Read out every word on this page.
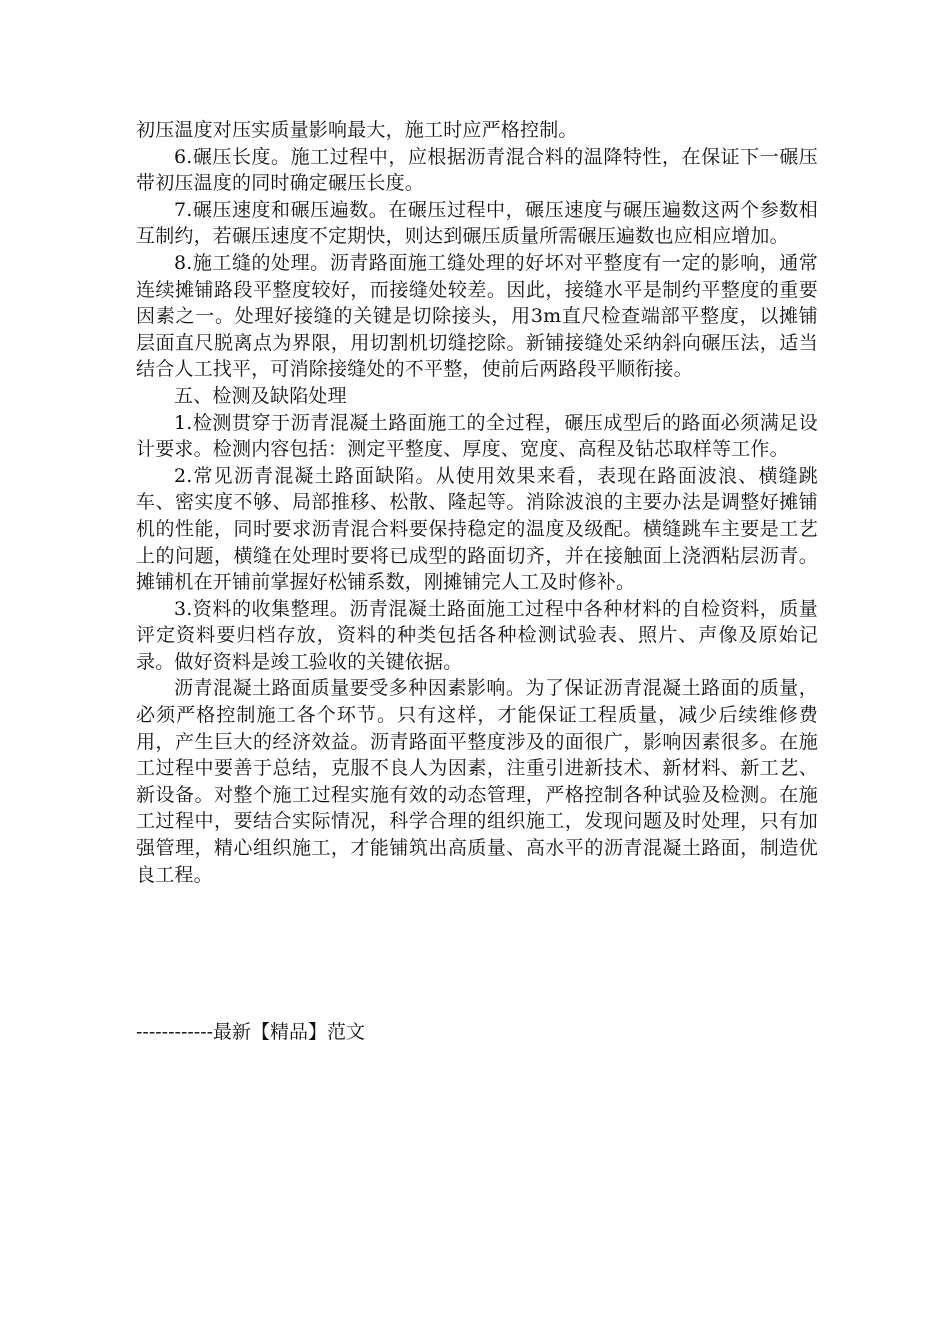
初压温度对压实质量影响最大，施工时应严格控制。

6.碾压长度。施工过程中，应根据沥青混合料的温降特性，在保证下一碾压带初压温度的同时确定碾压长度。

7.碾压速度和碾压遍数。在碾压过程中，碾压速度与碾压遍数这两个参数相互制约，若碾压速度不定期快，则达到碾压质量所需碾压遍数也应相应增加。

8.施工缝的处理。沥青路面施工缝处理的好坏对平整度有一定的影响，通常连续摊铺路段平整度较好，而接缝处较差。因此，接缝水平是制约平整度的重要因素之一。处理好接缝的关键是切除接头，用3m直尺检查端部平整度，以摊铺层面直尺脱离点为界限，用切割机切缝挖除。新铺接缝处采纳斜向碾压法，适当结合人工找平，可消除接缝处的不平整，使前后两路段平顺衔接。

五、检测及缺陷处理

1.检测贯穿于沥青混凝土路面施工的全过程，碾压成型后的路面必须满足设计要求。检测内容包括：测定平整度、厚度、宽度、高程及钻芯取样等工作。

2.常见沥青混凝土路面缺陷。从使用效果来看，表现在路面波浪、横缝跳车、密实度不够、局部推移、松散、隆起等。消除波浪的主要办法是调整好摊铺机的性能，同时要求沥青混合料要保持稳定的温度及级配。横缝跳车主要是工艺上的问题，横缝在处理时要将已成型的路面切齐，并在接触面上浇洒粘层沥青。摊铺机在开铺前掌握好松铺系数，刚摊铺完人工及时修补。

3.资料的收集整理。沥青混凝土路面施工过程中各种材料的自检资料，质量评定资料要归档存放，资料的种类包括各种检测试验表、照片、声像及原始记录。做好资料是竣工验收的关键依据。

沥青混凝土路面质量要受多种因素影响。为了保证沥青混凝土路面的质量，必须严格控制施工各个环节。只有这样，才能保证工程质量，减少后续维修费用，产生巨大的经济效益。沥青路面平整度涉及的面很广，影响因素很多。在施工过程中要善于总结，克服不良人为因素，注重引进新技术、新材料、新工艺、新设备。对整个施工过程实施有效的动态管理，严格控制各种试验及检测。在施工过程中，要结合实际情况，科学合理的组织施工，发现问题及时处理，只有加强管理，精心组织施工，才能铺筑出高质量、高水平的沥青混凝土路面，制造优良工程。

------------最新【精品】范文
